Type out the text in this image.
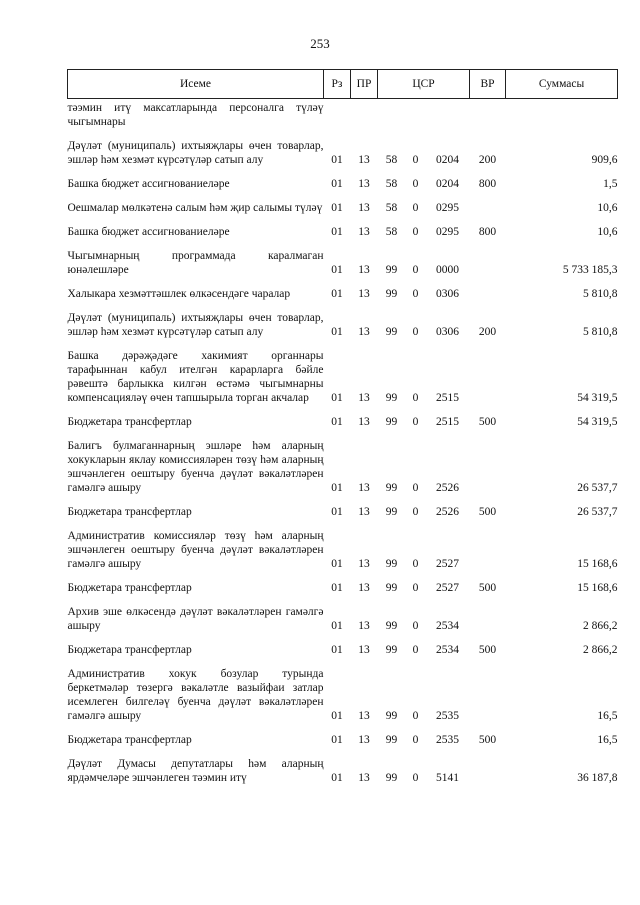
253
Исеме	Рз	ПР	ЦСР			ВР	Суммасы
тәэмин итү максатларында персоналга түләү чыгымнары							
Дәүләт (муниципаль) ихтыяҗлары өчен товарлар, эшләр һәм хезмәт күрсәтүләр сатып алу	01	13	58	0	0204	200	909,6
Башка бюджет ассигнованиеләре	01	13	58	0	0204	800	1,5
Оешмалар мөлкәтенә салым һәм җир салымы түләү	01	13	58	0	0295		10,6
Башка бюджет ассигнованиеләре	01	13	58	0	0295	800	10,6
Чыгымнарның программада каралмаган юнәлешләре	01	13	99	0	0000		5 733 185,3
Халыкара хезмәттәшлек өлкәсендәге чаралар	01	13	99	0	0306		5 810,8
Дәүләт (муниципаль) ихтыяҗлары өчен товарлар, эшләр һәм хезмәт күрсәтүләр сатып алу	01	13	99	0	0306	200	5 810,8
Башка дәрәҗәдәге хакимият органнары тарафыннан кабул ителгән карарларга бәйле рәвештә барлыкка килгән өстәмә чыгымнарны компенсацияләү өчен тапшырыла торган акчалар	01	13	99	0	2515		54 319,5
Бюджетара трансфертлар	01	13	99	0	2515	500	54 319,5
Балигъ булмаганнарның эшләре һәм аларның хокукларын яклау комиссияләрен төзү һәм аларның эшчәнлеген оештыру буенча дәүләт вәкаләтләрен гамәлгә ашыру	01	13	99	0	2526		26 537,7
Бюджетара трансфертлар	01	13	99	0	2526	500	26 537,7
Административ комиссияләр төзү һәм аларның эшчәнлеген оештыру буенча дәүләт вәкаләтләрен гамәлгә ашыру	01	13	99	0	2527		15 168,6
Бюджетара трансфертлар	01	13	99	0	2527	500	15 168,6
Архив эше өлкәсендә дәүләт вәкаләтләрен гамәлгә ашыру	01	13	99	0	2534		2 866,2
Бюджетара трансфертлар	01	13	99	0	2534	500	2 866,2
Административ хокук бозулар турында беркетмәләр төзергә вәкаләтле вазыйфаи затлар исемлеген билгеләү буенча дәүләт вәкаләтләрен гамәлгә ашыру	01	13	99	0	2535		16,5
Бюджетара трансфертлар	01	13	99	0	2535	500	16,5
Дәүләт Думасы депутатлары һәм аларның ярдәмчеләре эшчәнлеген тәэмин итү	01	13	99	0	5141		36 187,8
